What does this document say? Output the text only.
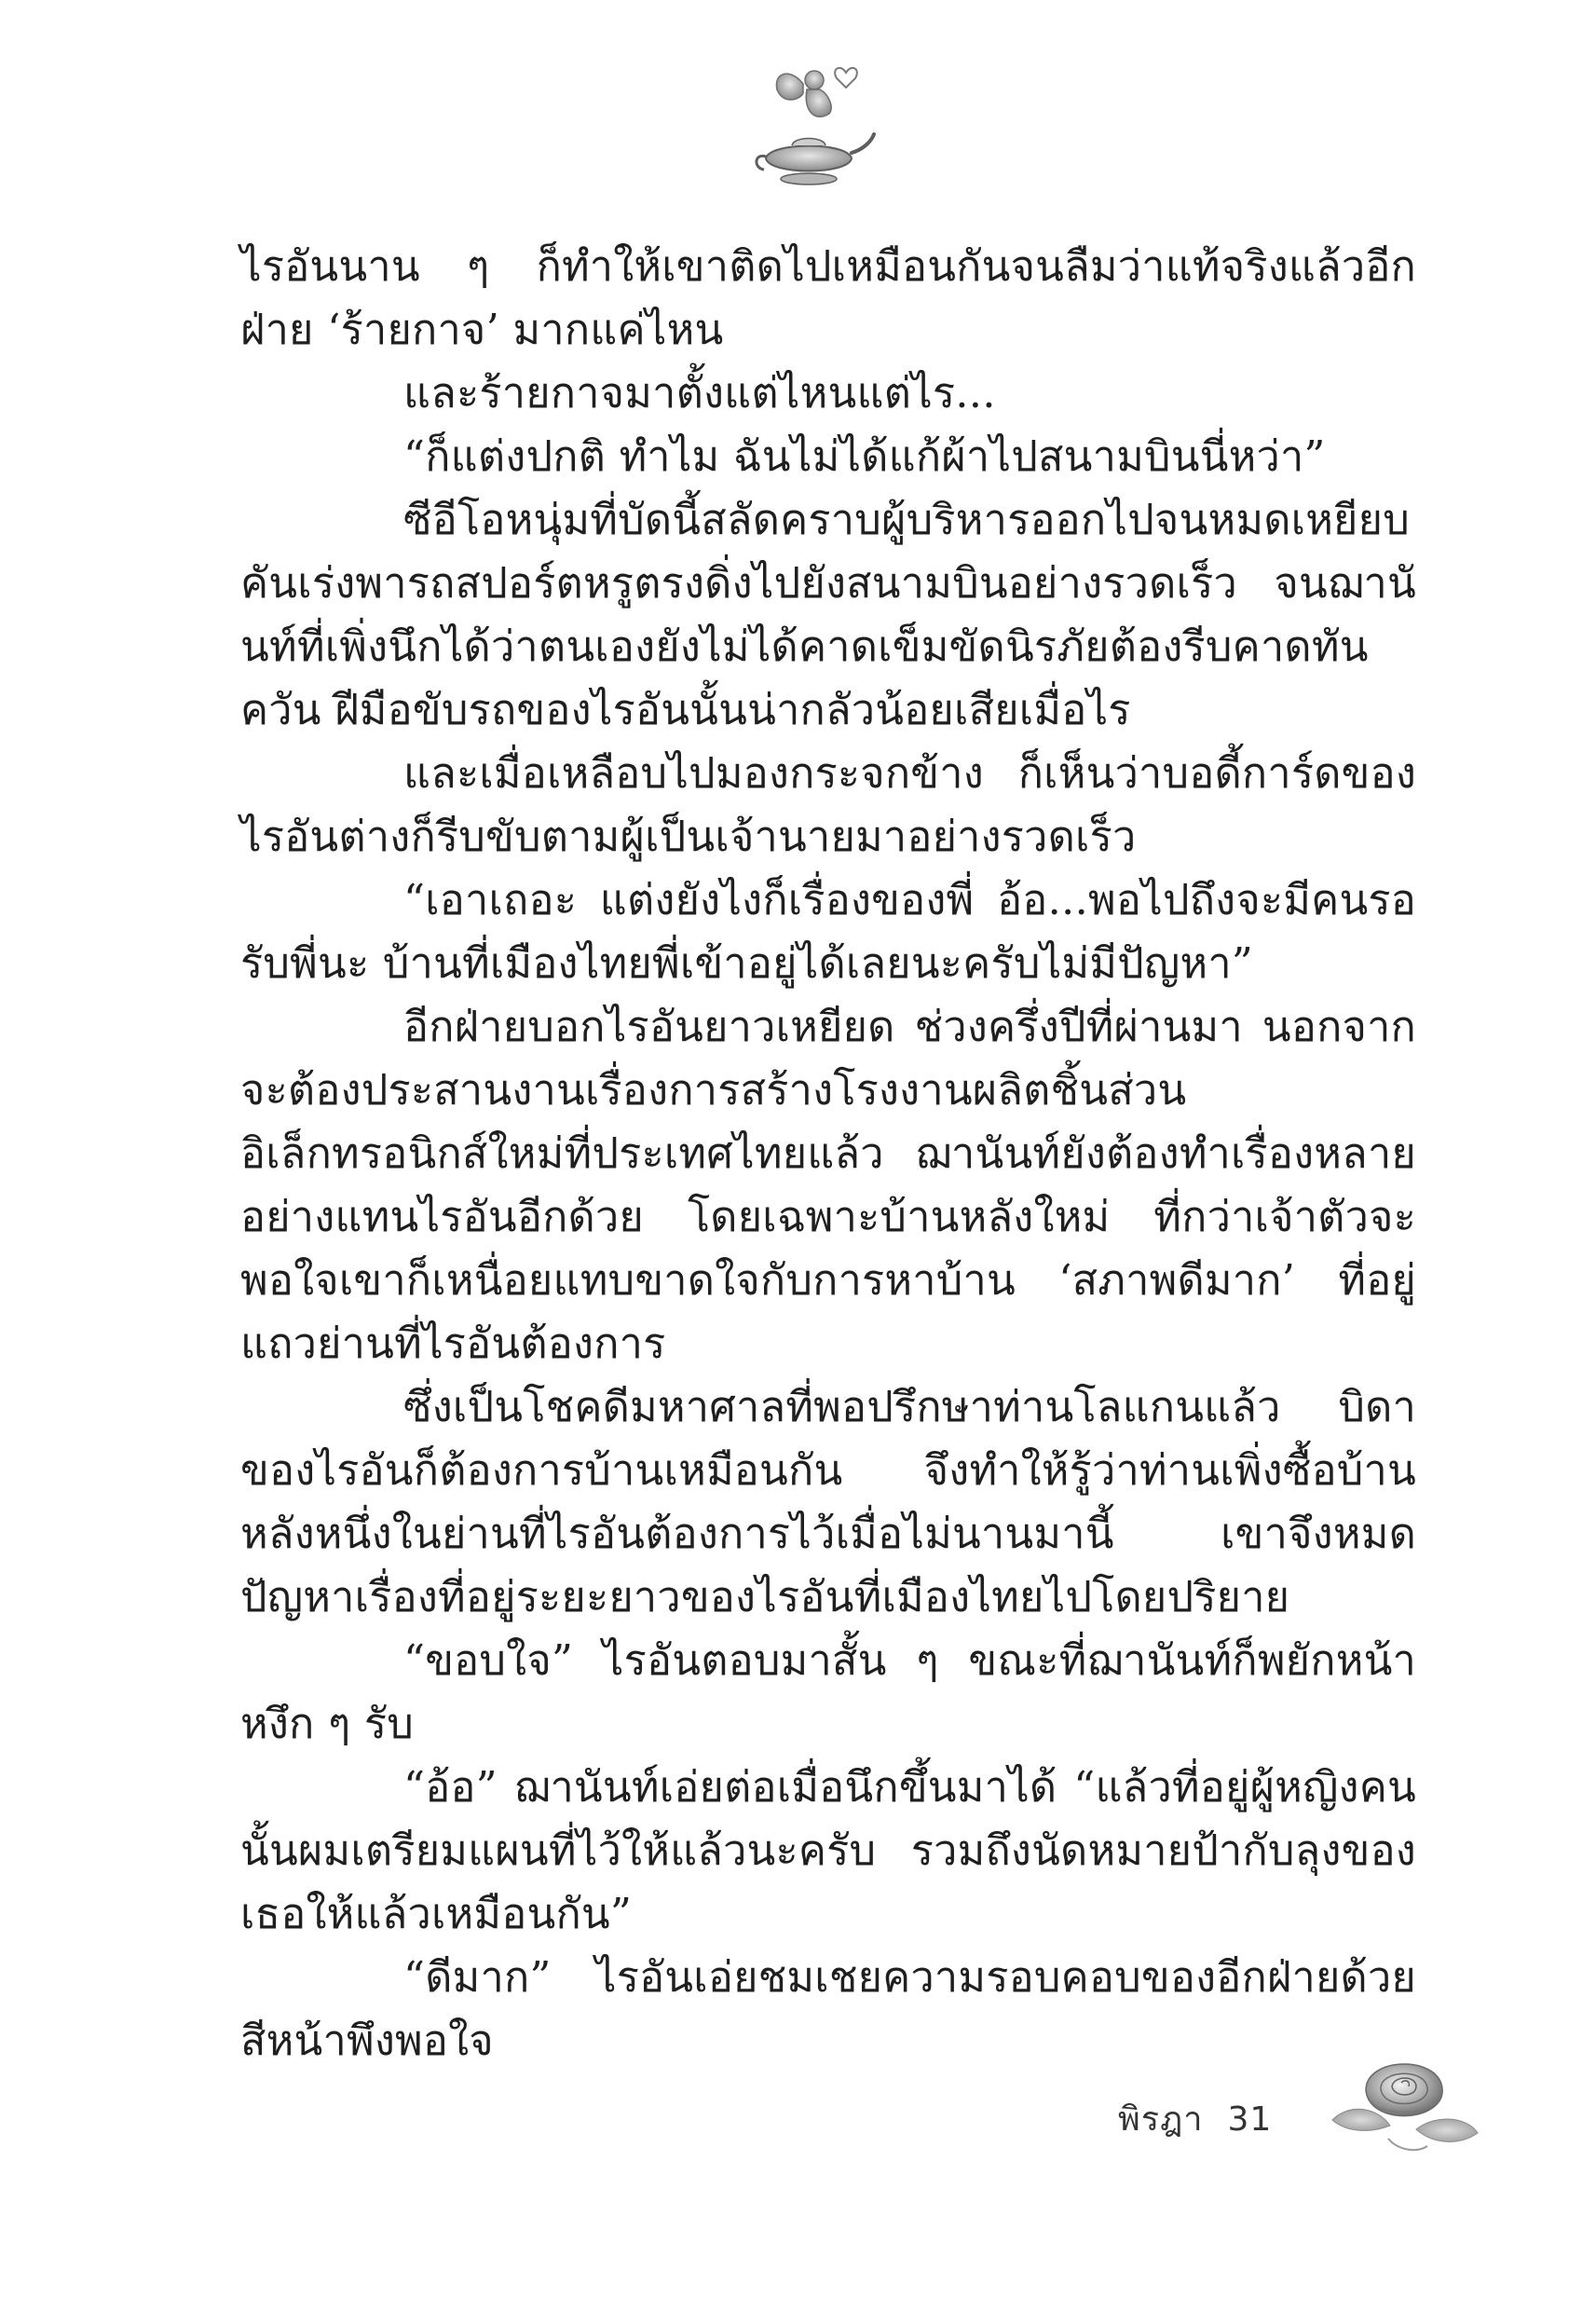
ไรอันนาน ๆ ก็ทำให้เขาติดไปเหมือนกันจนลืมว่าแท้จริงแล้วอีกฝ่าย ‘ร้ายกาจ’ มากแค่ไหน

และร้ายกาจมาตั้งแต่ไหนแต่ไร...

“ก็แต่งปกติ ทำไม ฉันไม่ได้แก้ผ้าไปสนามบินนี่หว่า”

ซีอีโอหนุ่มที่บัดนี้สลัดคราบผู้บริหารออกไปจนหมดเหยียบคันเร่งพารถสปอร์ตหรูตรงดิ่งไปยังสนามบินอย่างรวดเร็ว จนฌานันท์ที่เพิ่งนึกได้ว่าตนเองยังไม่ได้คาดเข็มขัดนิรภัยต้องรีบคาดทันควัน ฝีมือขับรถของไรอันนั้นน่ากลัวน้อยเสียเมื่อไร

และเมื่อเหลือบไปมองกระจกข้าง ก็เห็นว่าบอดี้การ์ดของไรอันต่างก็รีบขับตามผู้เป็นเจ้านายมาอย่างรวดเร็ว

“เอาเถอะ แต่งยังไงก็เรื่องของพี่ อ้อ...พอไปถึงจะมีคนรอรับพี่นะ บ้านที่เมืองไทยพี่เข้าอยู่ได้เลยนะครับไม่มีปัญหา”

อีกฝ่ายบอกไรอันยาวเหยียด ช่วงครึ่งปีที่ผ่านมา นอกจากจะต้องประสานงานเรื่องการสร้างโรงงานผลิตชิ้นส่วนอิเล็กทรอนิกส์ใหม่ที่ประเทศไทยแล้ว ฌานันท์ยังต้องทำเรื่องหลายอย่างแทนไรอันอีกด้วย โดยเฉพาะบ้านหลังใหม่ ที่กว่าเจ้าตัวจะพอใจเขาก็เหนื่อยแทบขาดใจกับการหาบ้าน ‘สภาพดีมาก’ ที่อยู่แถวย่านที่ไรอันต้องการ

ซึ่งเป็นโชคดีมหาศาลที่พอปรึกษาท่านโลแกนแล้ว บิดาของไรอันก็ต้องการบ้านเหมือนกัน จึงทำให้รู้ว่าท่านเพิ่งซื้อบ้านหลังหนึ่งในย่านที่ไรอันต้องการไว้เมื่อไม่นานมานี้ เขาจึงหมดปัญหาเรื่องที่อยู่ระยะยาวของไรอันที่เมืองไทยไปโดยปริยาย

“ขอบใจ” ไรอันตอบมาสั้น ๆ ขณะที่ฌานันท์ก็พยักหน้าหงึก ๆ รับ

“อ้อ” ฌานันท์เอ่ยต่อเมื่อนึกขึ้นมาได้ “แล้วที่อยู่ผู้หญิงคนนั้นผมเตรียมแผนที่ไว้ให้แล้วนะครับ รวมถึงนัดหมายป้ากับลุงของเธอให้แล้วเหมือนกัน”

“ดีมาก” ไรอันเอ่ยชมเชยความรอบคอบของอีกฝ่ายด้วยสีหน้าพึงพอใจ

พิรฎา 31
